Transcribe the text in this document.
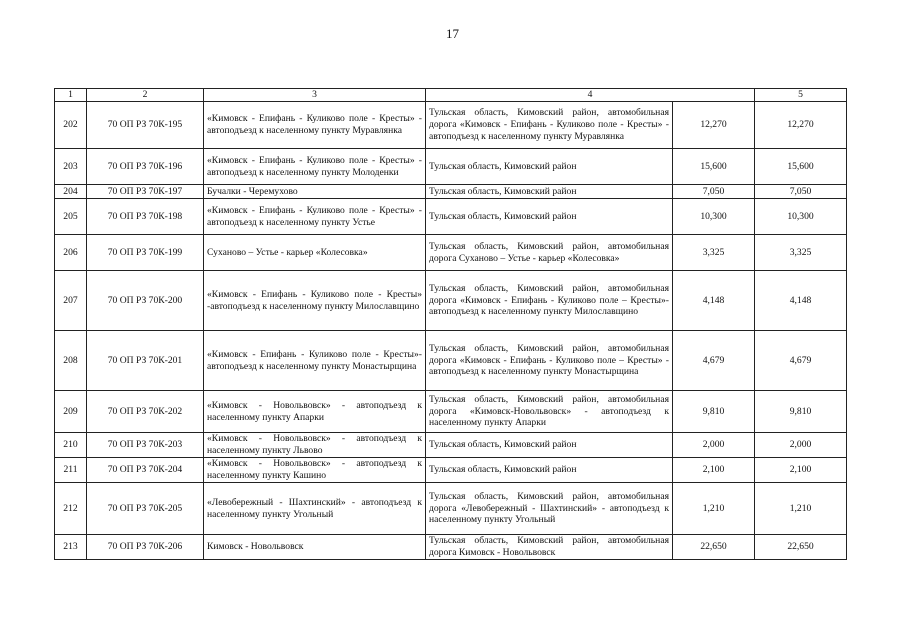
17
1	2	3	4		5
202	70 ОП РЗ 70К-195	«Кимовск - Епифань - Куликово поле - Кресты» - автоподъезд к населенному пункту Муравлянка	Тульская область, Кимовский район, автомобильная дорога «Кимовск - Епифань - Куликово поле - Кресты» - автоподъезд к населенному пункту Муравлянка	12,270	12,270
203	70 ОП РЗ 70К-196	«Кимовск - Епифань - Куликово поле - Кресты» - автоподъезд к населенному пункту Молоденки	Тульская область, Кимовский район	15,600	15,600
204	70 ОП РЗ 70К-197	Бучалки - Черемухово	Тульская область, Кимовский район	7,050	7,050
205	70 ОП РЗ 70К-198	«Кимовск - Епифань - Куликово поле - Кресты» - автоподъезд к населенному пункту Устье	Тульская область, Кимовский район	10,300	10,300
206	70 ОП РЗ 70К-199	Суханово – Устье - карьер «Колесовка»	Тульская область, Кимовский район, автомобильная дорога Суханово – Устье - карьер «Колесовка»	3,325	3,325
207	70 ОП РЗ 70К-200	«Кимовск - Епифань - Куликово поле - Кресты» -автоподъезд к населенному пункту Милославщино	Тульская область, Кимовский район, автомобильная дорога «Кимовск - Епифань - Куликово поле – Кресты»-автоподъезд к населенному пункту Милославщино	4,148	4,148
208	70 ОП РЗ 70К-201	«Кимовск - Епифань - Куликово поле - Кресты»-автоподъезд к населенному пункту Монастырщина	Тульская область, Кимовский район, автомобильная дорога «Кимовск - Епифань - Куликово поле – Кресты» - автоподъезд к населенному пункту Монастырщина	4,679	4,679
209	70 ОП РЗ 70К-202	«Кимовск - Новольвовск» - автоподъезд к населенному пункту Апарки	Тульская область, Кимовский район, автомобильная дорога «Кимовск-Новольвовск» - автоподъезд к населенному пункту Апарки	9,810	9,810
210	70 ОП РЗ 70К-203	«Кимовск - Новольвовск» - автоподъезд к населенному пункту Львово	Тульская область, Кимовский район	2,000	2,000
211	70 ОП РЗ 70К-204	«Кимовск - Новольвовск» - автоподъезд к населенному пункту Кашино	Тульская область, Кимовский район	2,100	2,100
212	70 ОП РЗ 70К-205	«Левобережный - Шахтинский» - автоподъезд к населенному пункту Угольный	Тульская область, Кимовский район, автомобильная дорога «Левобережный - Шахтинский» - автоподъезд к населенному пункту Угольный	1,210	1,210
213	70 ОП РЗ 70К-206	Кимовск - Новольвовск	Тульская область, Кимовский район, автомобильная дорога Кимовск - Новольвовск	22,650	22,650
